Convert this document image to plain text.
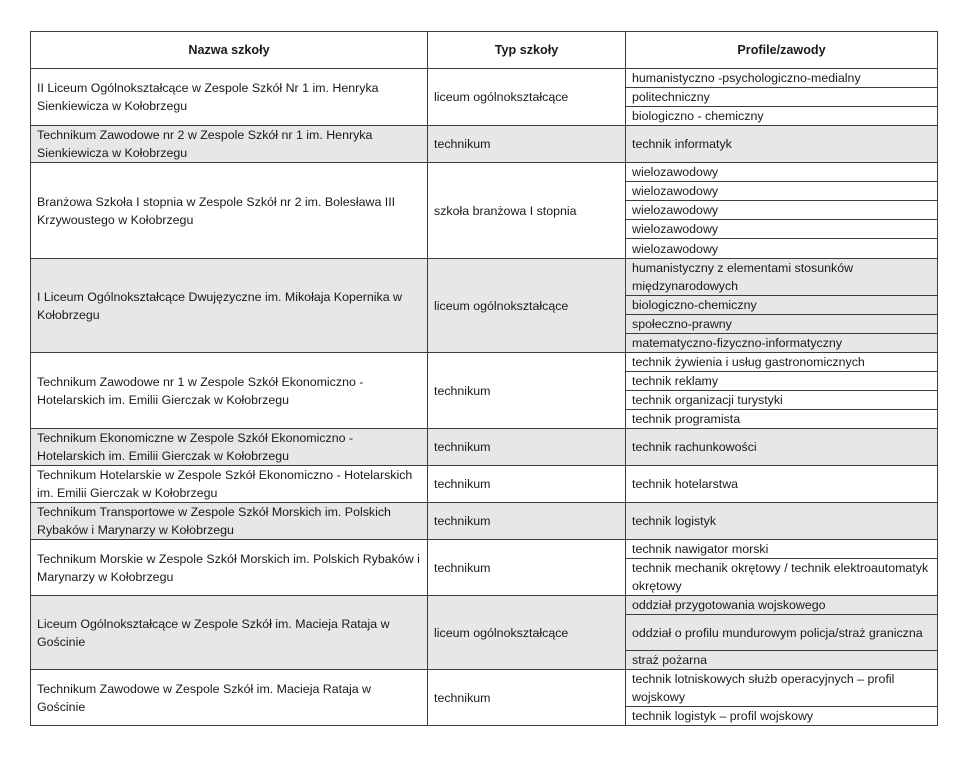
Nazwa szkoły	Typ szkoły	Profile/zawody
II Liceum Ogólnokształcące w Zespole Szkół Nr 1 im. Henryka Sienkiewicza w Kołobrzegu	liceum ogólnokształcące	humanistyczno -psychologiczno-medialny
		politechniczny
		biologiczno - chemiczny
Technikum Zawodowe nr 2 w Zespole Szkół nr 1 im. Henryka Sienkiewicza w Kołobrzegu	technikum	technik informatyk
Branżowa Szkoła I stopnia w Zespole Szkół nr 2 im. Bolesława III Krzywoustego w Kołobrzegu	szkoła branżowa I stopnia	wielozawodowy
		wielozawodowy
		wielozawodowy
		wielozawodowy
		wielozawodowy
I Liceum Ogólnokształcące Dwujęzyczne im. Mikołaja Kopernika w Kołobrzegu	liceum ogólnokształcące	humanistyczny z elementami stosunków międzynarodowych
		biologiczno-chemiczny
		społeczno-prawny
		matematyczno-fizyczno-informatyczny
Technikum Zawodowe nr 1 w Zespole Szkół Ekonomiczno - Hotelarskich im. Emilii Gierczak w Kołobrzegu	technikum	technik żywienia i usług gastronomicznych
		technik reklamy
		technik organizacji turystyki
		technik programista
Technikum Ekonomiczne w Zespole Szkół Ekonomiczno - Hotelarskich im. Emilii Gierczak w Kołobrzegu	technikum	technik rachunkowości
Technikum Hotelarskie w Zespole Szkół Ekonomiczno - Hotelarskich im. Emilii Gierczak w Kołobrzegu	technikum	technik hotelarstwa
Technikum Transportowe w Zespole Szkół Morskich im. Polskich Rybaków i Marynarzy w Kołobrzegu	technikum	technik logistyk
Technikum Morskie w Zespole Szkół Morskich im. Polskich Rybaków i Marynarzy w Kołobrzegu	technikum	technik nawigator morski
		technik mechanik okrętowy / technik elektroautomatyk okrętowy
Liceum Ogólnokształcące w Zespole Szkół im. Macieja Rataja w Gościnie	liceum ogólnokształcące	oddział przygotowania wojskowego
		oddział o profilu mundurowym policja/straż graniczna
		straż pożarna
Technikum Zawodowe w Zespole Szkół im. Macieja Rataja w Gościnie	technikum	technik lotniskowych służb operacyjnych – profil wojskowy
		technik logistyk – profil wojskowy
